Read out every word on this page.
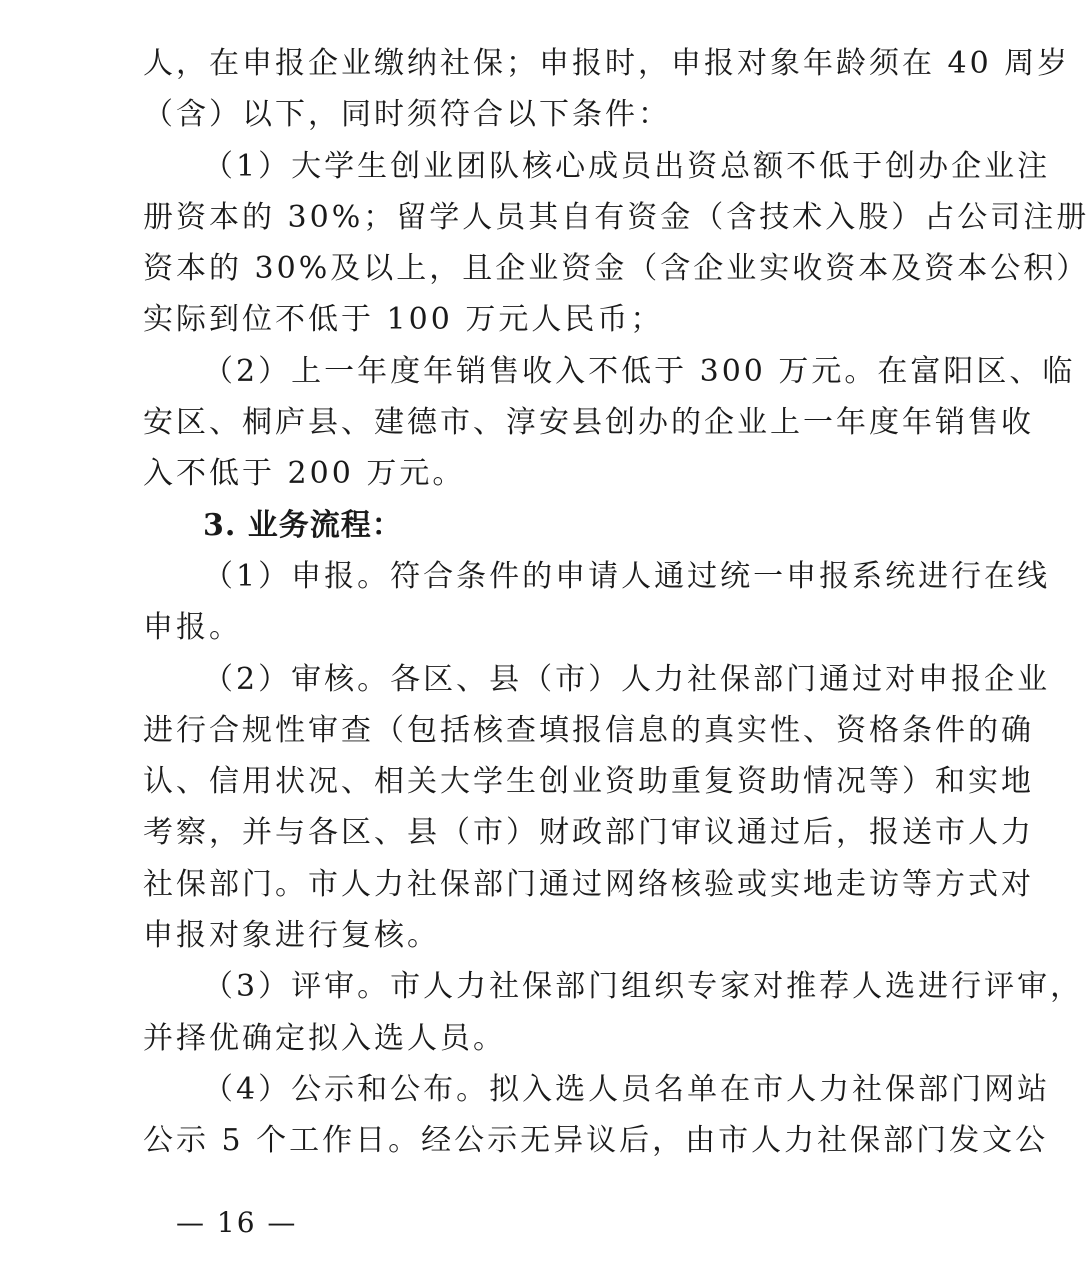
人，在申报企业缴纳社保；申报时，申报对象年龄须在 40 周岁
（含）以下，同时须符合以下条件：
（1）大学生创业团队核心成员出资总额不低于创办企业注
册资本的 30%；留学人员其自有资金（含技术入股）占公司注册
资本的 30%及以上，且企业资金（含企业实收资本及资本公积）
实际到位不低于 100 万元人民币；
（2）上一年度年销售收入不低于 300 万元。在富阳区、临
安区、桐庐县、建德市、淳安县创办的企业上一年度年销售收
入不低于 200 万元。
3. 业务流程：
（1）申报。符合条件的申请人通过统一申报系统进行在线
申报。
（2）审核。各区、县（市）人力社保部门通过对申报企业
进行合规性审查（包括核查填报信息的真实性、资格条件的确
认、信用状况、相关大学生创业资助重复资助情况等）和实地
考察，并与各区、县（市）财政部门审议通过后，报送市人力
社保部门。市人力社保部门通过网络核验或实地走访等方式对
申报对象进行复核。
（3）评审。市人力社保部门组织专家对推荐人选进行评审，
并择优确定拟入选人员。
（4）公示和公布。拟入选人员名单在市人力社保部门网站
公示 5 个工作日。经公示无异议后，由市人力社保部门发文公
— 16 —
